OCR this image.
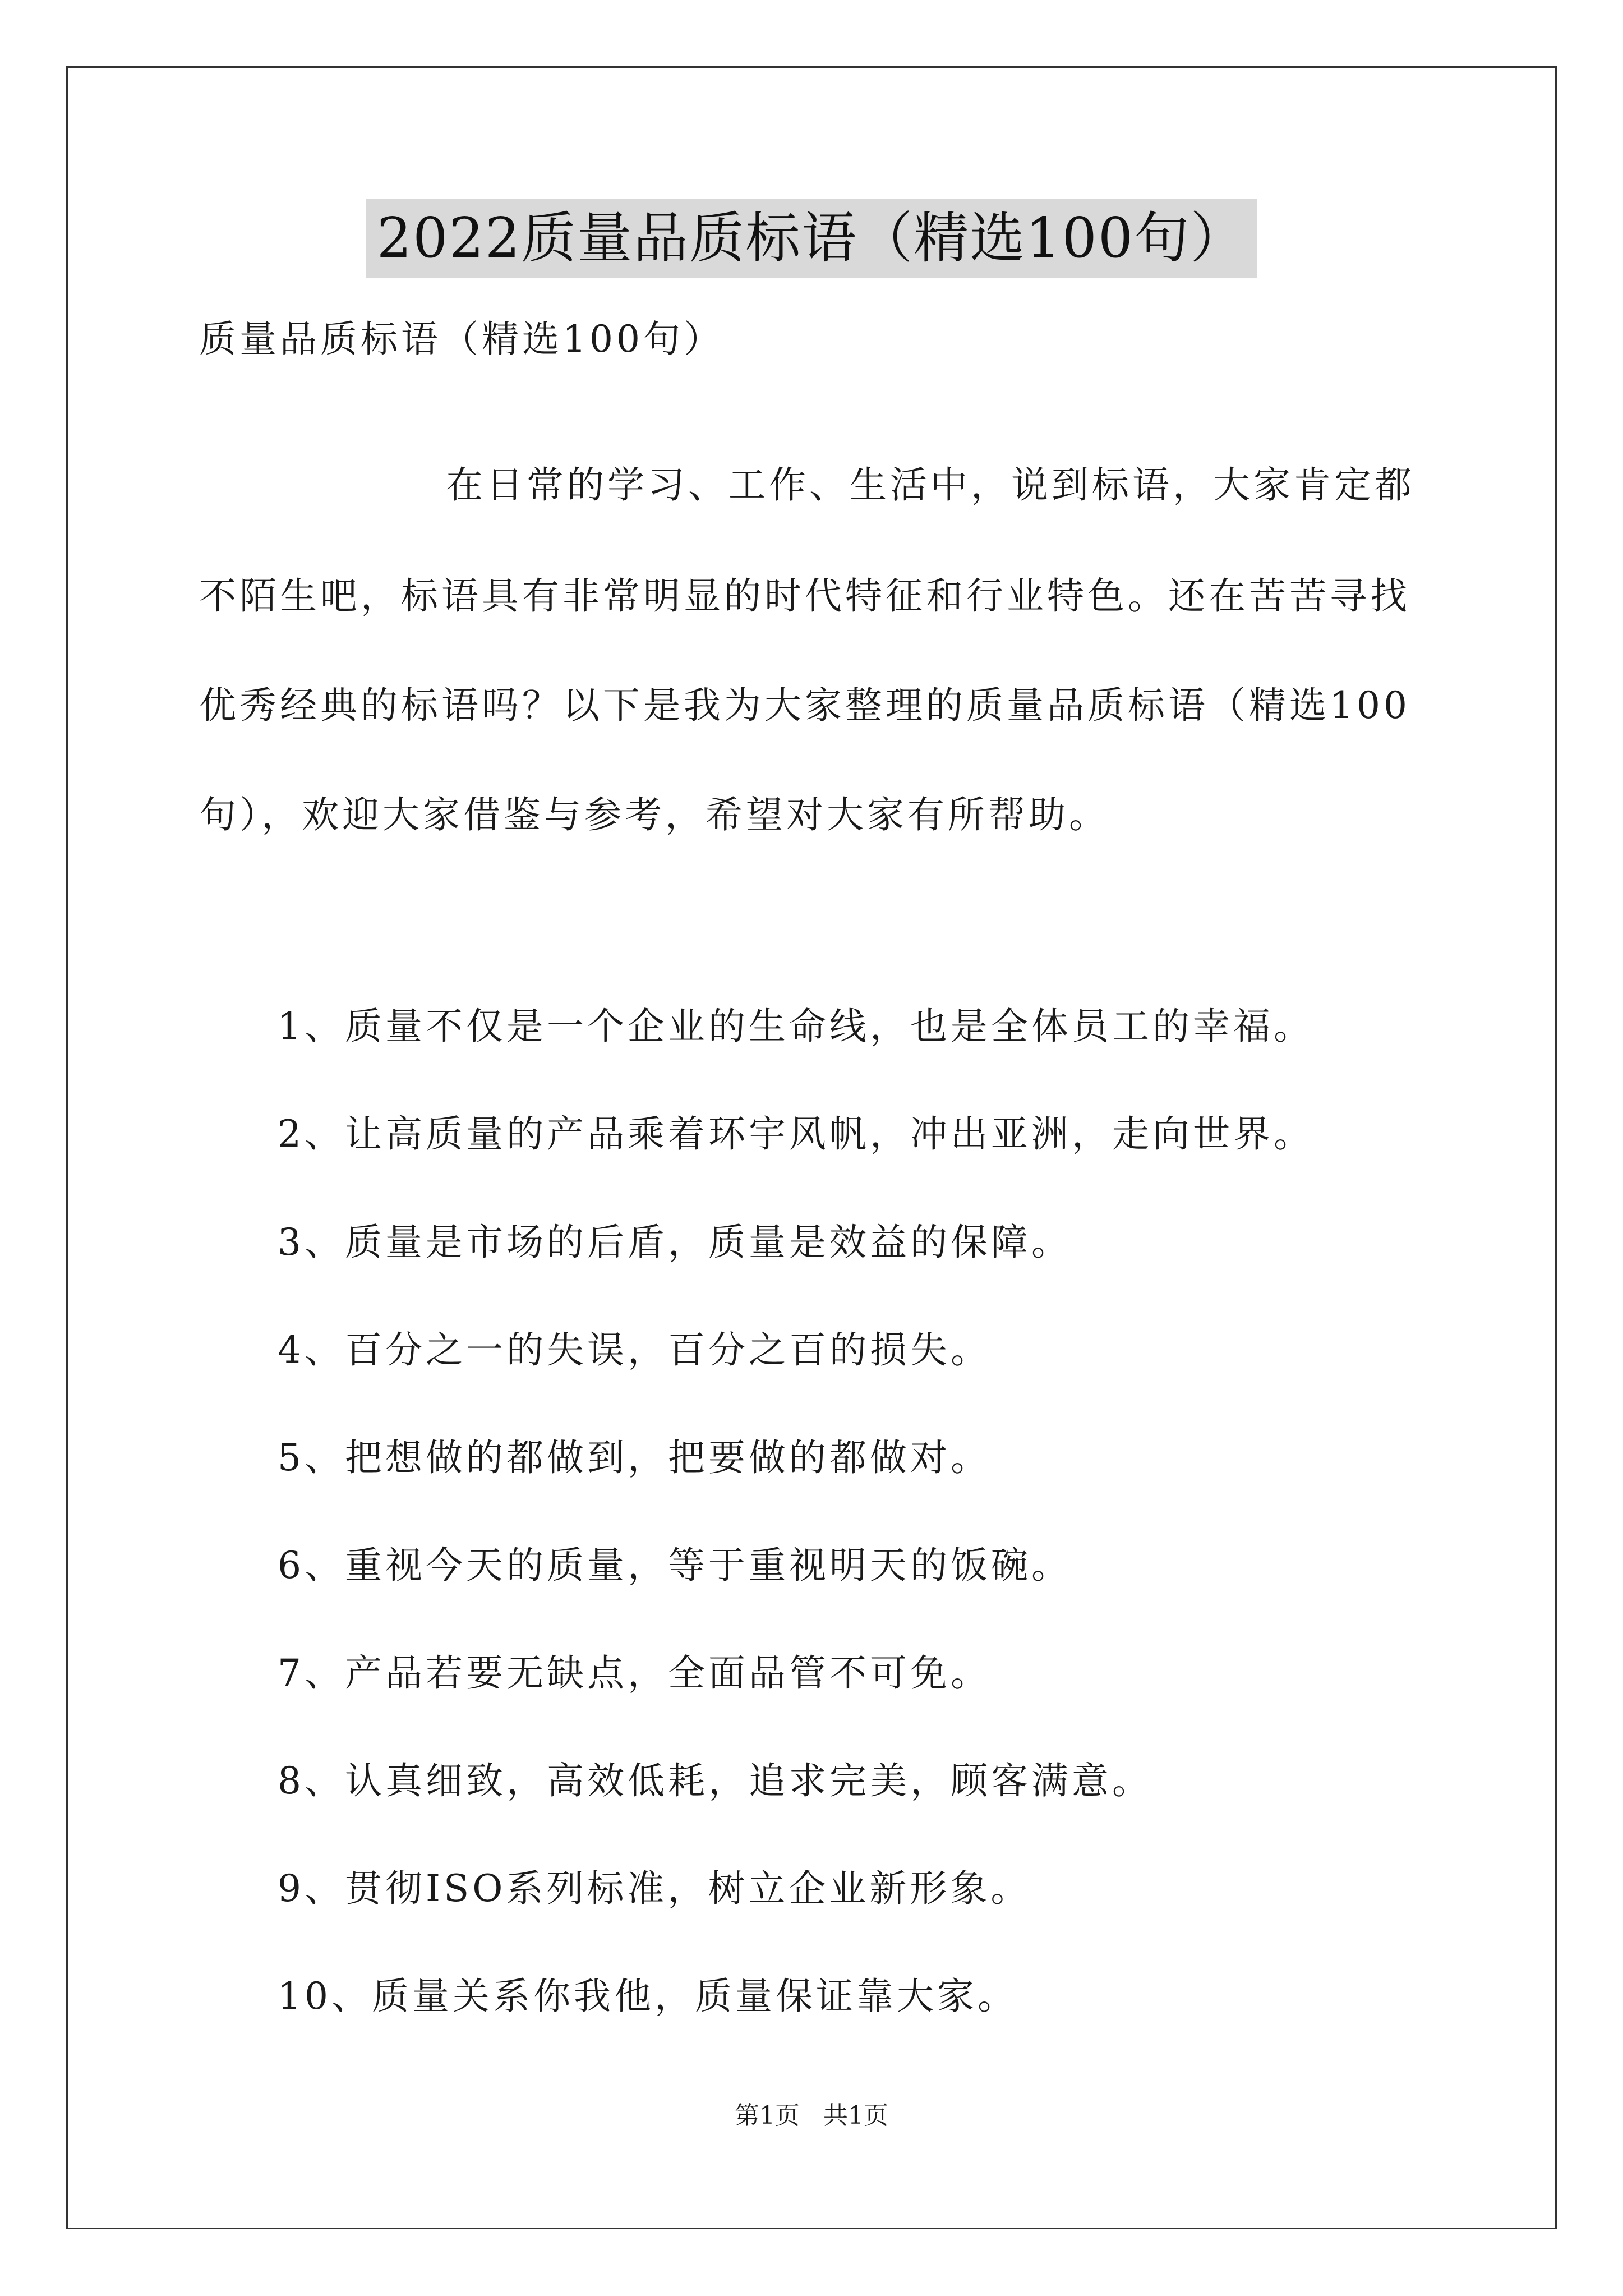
2022质量品质标语（精选100句）
质量品质标语（精选100句）
在日常的学习、工作、生活中，说到标语，大家肯定都
不陌生吧，标语具有非常明显的时代特征和行业特色。还在苦苦寻找
优秀经典的标语吗？以下是我为大家整理的质量品质标语（精选100
句），欢迎大家借鉴与参考，希望对大家有所帮助。
1、质量不仅是一个企业的生命线，也是全体员工的幸福。
2、让高质量的产品乘着环宇风帆，冲出亚洲，走向世界。
3、质量是市场的后盾，质量是效益的保障。
4、百分之一的失误，百分之百的损失。
5、把想做的都做到，把要做的都做对。
6、重视今天的质量，等于重视明天的饭碗。
7、产品若要无缺点，全面品管不可免。
8、认真细致，高效低耗，追求完美，顾客满意。
9、贯彻ISO系列标准，树立企业新形象。
10、质量关系你我他，质量保证靠大家。
第1页 共1页
